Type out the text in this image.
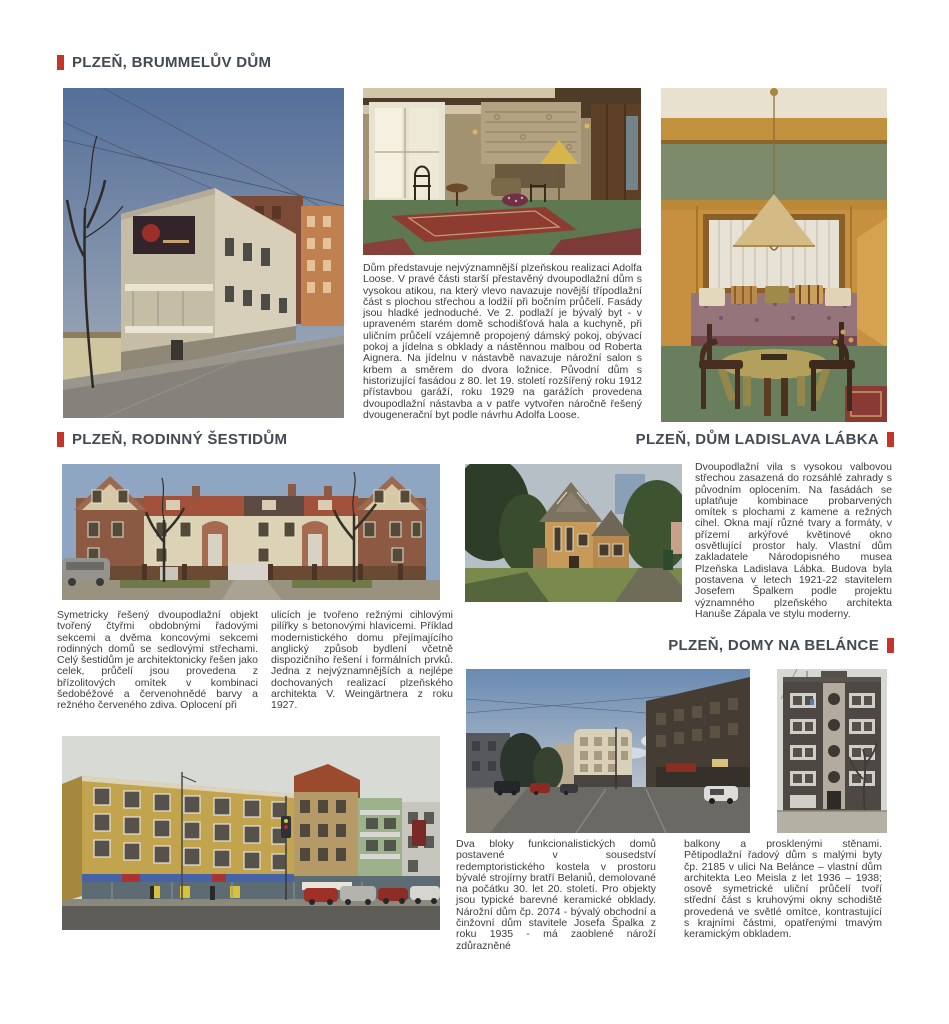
PLZEŇ, BRUMMELŮV DŮM

Dům představuje nejvýznamnější plzeňskou realizaci Adolfa Loose. V pravé části starší přestavěný dvoupodlažní dům s vysokou atikou, na který vlevo navazuje novější třípodlažní část s plochou střechou a lodžií při bočním průčelí. Fasády jsou hladké jednoduché. Ve 2. podlaží je bývalý byt - v upraveném starém domě schodišťová hala a kuchyně, při uličním průčelí vzájemně propojený dámský pokoj, obývací pokoj a jídelna s obklady a nástěnnou malbou od Roberta Aignera. Na jídelnu v nástavbě navazuje nárožní salon s krbem a směrem do dvora ložnice. Původní dům s historizující fasádou z 80. let 19. století rozšířený roku 1912 přístavbou garáží, roku 1929 na garážích provedena dvoupodlažní nástavba a v patře vytvořen náročně řešený dvougenerační byt podle návrhu Adolfa Loose.

PLZEŇ, RODINNÝ ŠESTIDŮM	PLZEŇ, DŮM LADISLAVA LÁBKA

Dvoupodlažní vila s vysokou valbovou střechou zasazená do rozsáhlé zahrady s původním oplocením. Na fasádách se uplatňuje kombinace probarvených omítek s plochami z kamene a režných cihel. Okna mají různé tvary a formáty, v přízemí arkýřové květinové okno osvětlující prostor haly. Vlastní dům zakladatele Národopisného musea Plzeňska Ladislava Lábka. Budova byla postavena v letech 1921-22 stavitelem Josefem Špalkem podle projektu významného plzeňského architekta Hanuše Zápala ve stylu moderny.

Symetricky řešený dvoupodlažní objekt tvořený čtyřmi obdobnými řadovými sekcemi a dvěma koncovými sekcemi rodinných domů se sedlovými střechami. Celý šestidům je architektonicky řešen jako celek, průčelí jsou provedena z břízolitových omítek v kombinaci šedobéžové a červenohnědé barvy a režného červeného zdiva. Oplocení při

ulicích je tvořeno režnými cihlovými pilířky s betonovými hlavicemi. Příklad modernistického domu přejímajícího anglický způsob bydlení včetně dispozičního řešení i formálních prvků. Jedna z nejvýznamnějších a nejlépe dochovaných realizací plzeňského architekta V. Weingärtnera z roku 1927.

PLZEŇ, DOMY NA BELÁNCE

Dva bloky funkcionalistických domů postavené v sousedství redemptoristického kostela v prostoru bývalé strojírny bratří Belaniů, demolované na počátku 30. let 20. století. Pro objekty jsou typické barevné keramické obklady. Nárožní dům čp. 2074 - bývalý obchodní a činžovní dům stavitele Josefa Špalka z roku 1935 - má zaoblené nároží zdůrazněné

balkony a prosklenými stěnami. Pětipodlažní řadový dům s malými byty čp. 2185 v ulici Na Belánce – vlastní dům architekta Leo Meisla z let 1936 – 1938; osově symetrické uliční průčelí tvoří střední část s kruhovými okny schodiště provedená ve světlé omítce, kontrastující s krajními částmi, opatřenými tmavým keramickým obkladem.
